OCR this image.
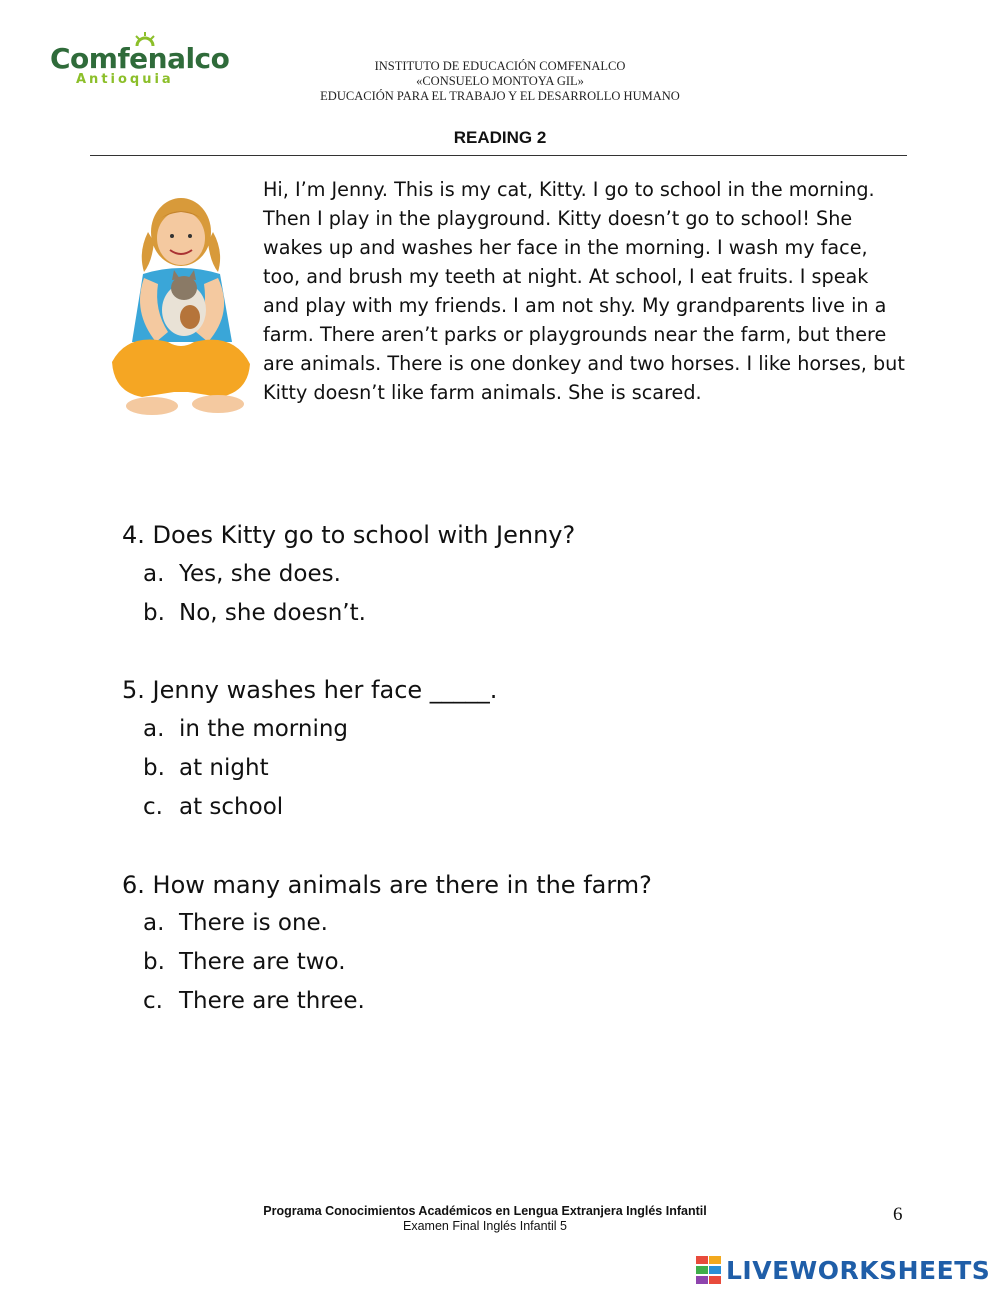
Comfenalco
Antioquia
INSTITUTO DE EDUCACIÓN COMFENALCO
«CONSUELO MONTOYA GIL»
EDUCACIÓN PARA EL TRABAJO Y EL DESARROLLO HUMANO
READING 2

Hi, I’m Jenny. This is my cat, Kitty. I go to school in the morning. Then I play in the playground. Kitty doesn’t go to school! She wakes up and washes her face in the morning. I wash my face, too, and brush my teeth at night. At school, I eat fruits. I speak and play with my friends. I am not shy. My grandparents live in a farm. There aren’t parks or playgrounds near the farm, but there are animals. There is one donkey and two horses. I like horses, but Kitty doesn’t like farm animals. She is scared.

4. Does Kitty go to school with Jenny?
a. Yes, she does.
b. No, she doesn’t.
5. Jenny washes her face _____.
a. in the morning
b. at night
c. at school
6. How many animals are there in the farm?
a. There is one.
b. There are two.
c. There are three.
Programa Conocimientos Académicos en Lengua Extranjera Inglés Infantil
Examen Final Inglés Infantil 5
6
LIVEWORKSHEETS
